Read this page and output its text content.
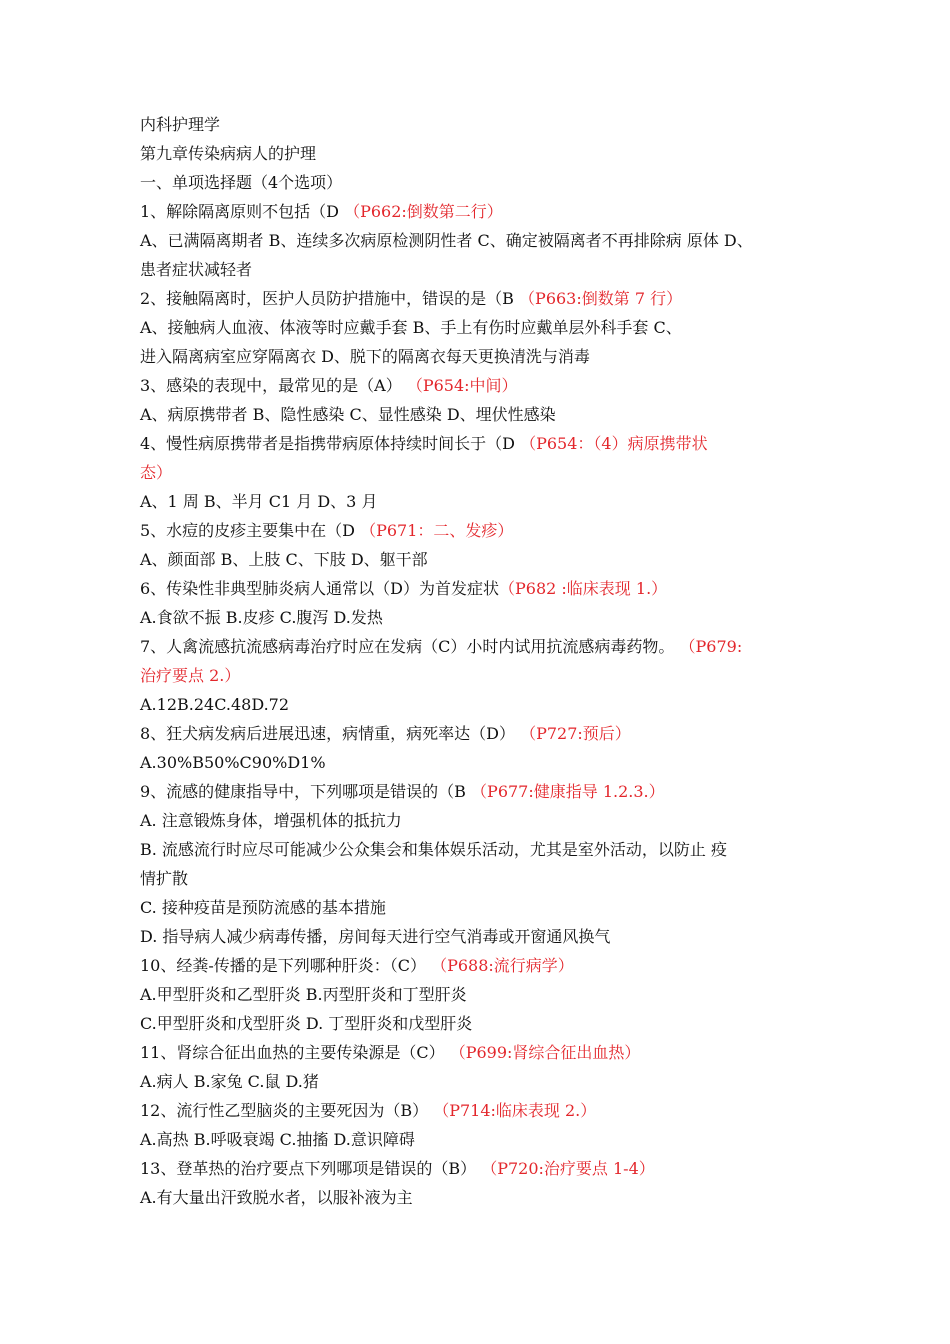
内科护理学
第九章传染病病人的护理
一、单项选择题（4个选项）
1、解除隔离原则不包括（D （P662:倒数第二行）
A、已满隔离期者 B、连续多次病原检测阴性者 C、确定被隔离者不再排除病 原体 D、
患者症状减轻者
2、接触隔离时，医护人员防护措施中，错误的是（B （P663:倒数第 7 行）
A、接触病人血液、体液等时应戴手套 B、手上有伤时应戴单层外科手套 C、
进入隔离病室应穿隔离衣 D、脱下的隔离衣每天更换清洗与消毒
3、感染的表现中，最常见的是（A） （P654:中间）
A、病原携带者 B、隐性感染 C、显性感染 D、埋伏性感染
4、慢性病原携带者是指携带病原体持续时间长于（D （P654：（4）病原携带状
态）
A、1 周 B、半月 C1 月 D、3 月
5、水痘的皮疹主要集中在（D （P671：二、发疹）
A、颜面部 B、上肢 C、下肢 D、躯干部
6、传染性非典型肺炎病人通常以（D）为首发症状（P682 :临床表现 1.）
A.食欲不振 B.皮疹 C.腹泻 D.发热
7、人禽流感抗流感病毒治疗时应在发病（C）小时内试用抗流感病毒药物。 （P679:
治疗要点 2.）
A.12B.24C.48D.72
8、狂犬病发病后进展迅速，病情重，病死率达（D） （P727:预后）
A.30%B50%C90%D1%
9、流感的健康指导中，下列哪项是错误的（B （P677:健康指导 1.2.3.）
A. 注意锻炼身体，增强机体的抵抗力
B. 流感流行时应尽可能减少公众集会和集体娱乐活动，尤其是室外活动，以防止 疫
情扩散
C. 接种疫苗是预防流感的基本措施
D. 指导病人减少病毒传播，房间每天进行空气消毒或开窗通风换气
10、经粪-传播的是下列哪种肝炎：（C） （P688:流行病学）
A.甲型肝炎和乙型肝炎 B.丙型肝炎和丁型肝炎
C.甲型肝炎和戊型肝炎 D. 丁型肝炎和戊型肝炎
11、肾综合征出血热的主要传染源是（C） （P699:肾综合征出血热）
A.病人 B.家兔 C.鼠 D.猪
12、流行性乙型脑炎的主要死因为（B） （P714:临床表现 2.）
A.高热 B.呼吸衰竭 C.抽搐 D.意识障碍
13、登革热的治疗要点下列哪项是错误的（B） （P720:治疗要点 1-4）
A.有大量出汗致脱水者，以服补液为主
